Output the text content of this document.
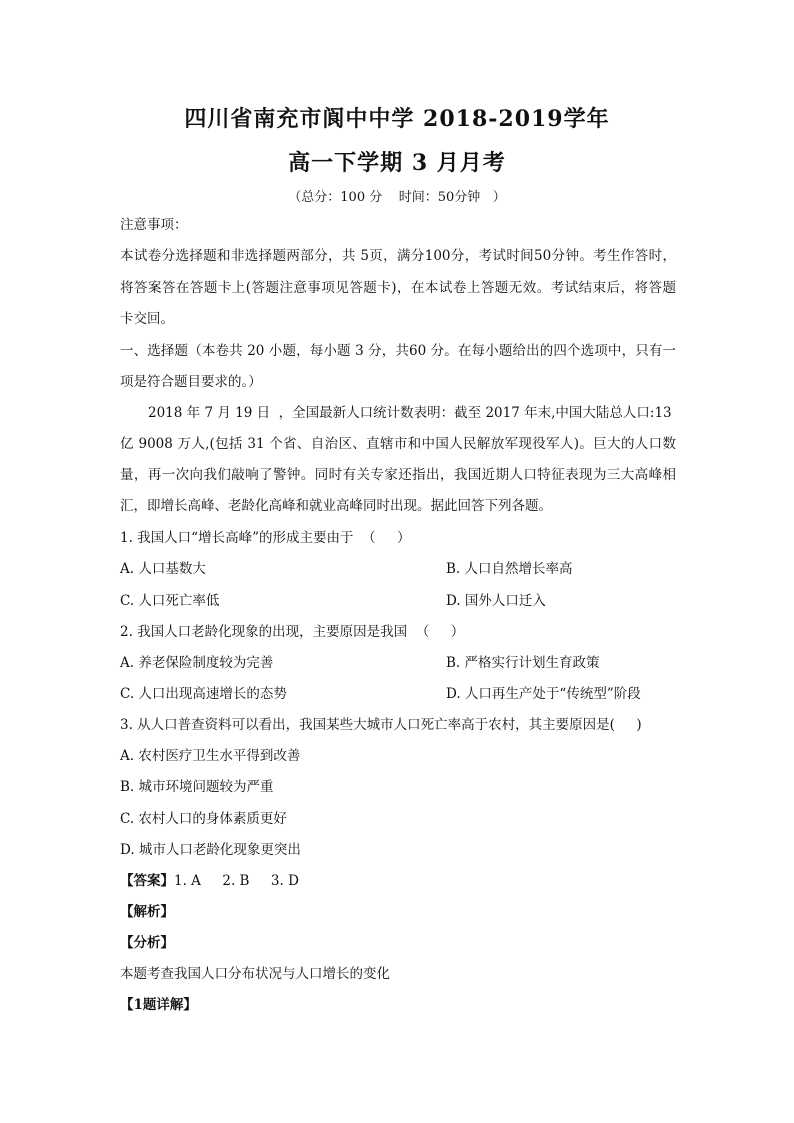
四川省南充市阆中中学 2018-2019学年
高一下学期 3 月月考
（总分：100 分    时间：50分钟   ）
注意事项：
本试卷分选择题和非选择题两部分，共 5页，满分100分，考试时间50分钟。考生作答时，
将答案答在答题卡上(答题注意事项见答题卡)，在本试卷上答题无效。考试结束后，将答题
卡交回。
一、选择题（本卷共 20 小题，每小题 3 分，共60 分。在每小题给出的四个选项中，只有一
项是符合题目要求的。）
2018 年 7 月 19 日  ，全国最新人口统计数表明：截至 2017 年末,中国大陆总人口:13
亿 9008 万人,(包括 31 个省、自治区、直辖市和中国人民解放军现役军人)。巨大的人口数
量，再一次向我们敲响了警钟。同时有关专家还指出，我国近期人口特征表现为三大高峰相
汇，即增长高峰、老龄化高峰和就业高峰同时出现。据此回答下列各题。
1. 我国人口“增长高峰”的形成主要由于  （     ）
A. 人口基数大	B. 人口自然增长率高
C. 人口死亡率低	D. 国外人口迁入
2. 我国人口老龄化现象的出现，主要原因是我国  （     ）
A. 养老保险制度较为完善	B. 严格实行计划生育政策
C. 人口出现高速增长的态势	D. 人口再生产处于“传统型”阶段
3. 从人口普查资料可以看出，我国某些大城市人口死亡率高于农村，其主要原因是(     )
A. 农村医疗卫生水平得到改善
B. 城市环境问题较为严重
C. 农村人口的身体素质更好
D. 城市人口老龄化现象更突出
【答案】1. A     2. B     3. D
【解析】
【分析】
本题考查我国人口分布状况与人口增长的变化
【1题详解】
